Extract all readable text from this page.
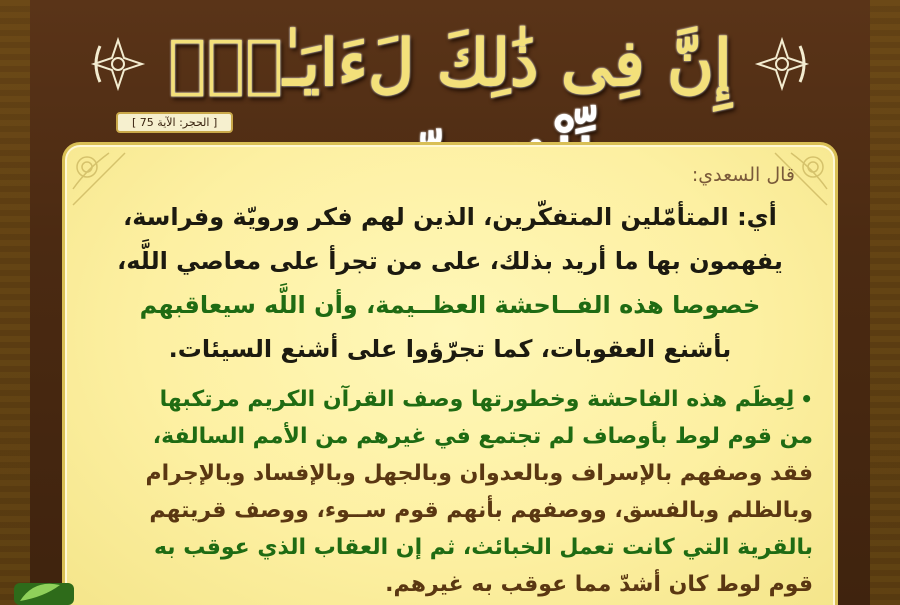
إِنَّ فِى ذَٰلِكَ لَءَايَـٰتٍۢ
[ الحجر: الآية 75 ]
قال السعدي:

أي: المتأمّلين المتفكّرين، الذين لهم فكر ورويّة وفراسة،
يفهمون بها ما أريد بذلك، على من تجرأ على معاصي اللَّه،
خصوصا هذه الفــاحشة العظــيمة، وأن اللَّه سيعاقبهم
بأشنع العقوبات، كما تجرّؤوا على أشنع السيئات.

•لِعِظَم هذه الفاحشة وخطورتها وصف القرآن الكريم مرتكبها
من قوم لوط بأوصاف لم تجتمع في غيرهم من الأمم السالفة،
فقد وصفهم بالإسراف وبالعدوان وبالجهل وبالإفساد وبالإجرام
وبالظلم وبالفسق، ووصفهم بأنهم قوم ســوء، ووصف قريتهم
بالقرية التي كانت تعمل الخبائث، ثم إن العقاب الذي عوقب به
قوم لوط كان أشدّ مما عوقب به غيرهم.
